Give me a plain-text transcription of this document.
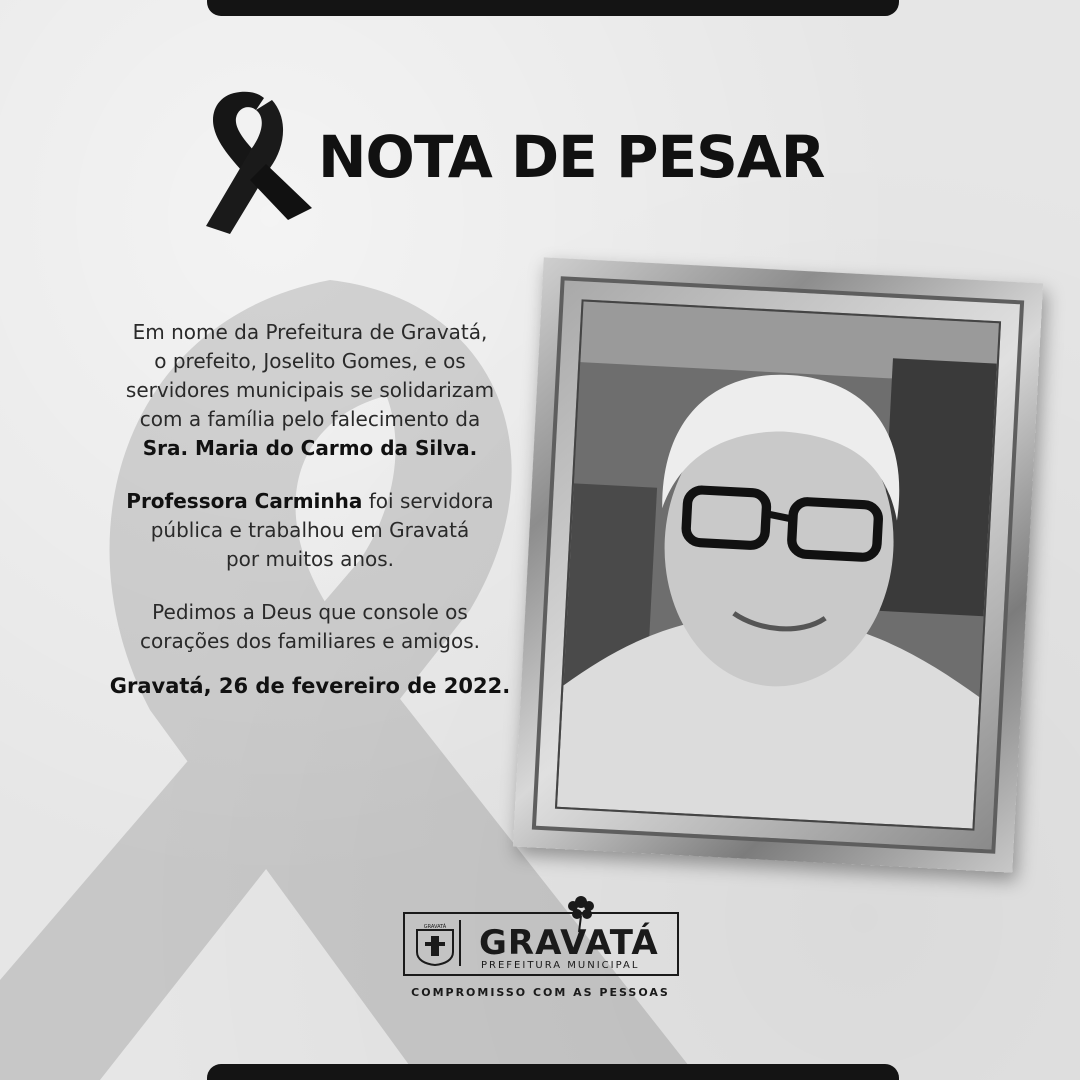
NOTA DE PESAR

Em nome da Prefeitura de Gravatá,

o prefeito, Joselito Gomes, e os

servidores municipais se solidarizam

com a família pelo falecimento da

Sra. Maria do Carmo da Silva.

Professora Carminha foi servidora

pública e trabalhou em Gravatá

por muitos anos.

Pedimos a Deus que console os

corações dos familiares e amigos.

Gravatá, 26 de fevereiro de 2022.

GRAVATÁ GRAVATÁ
PREFEITURA MUNICIPAL
COMPROMISSO COM AS PESSOAS
